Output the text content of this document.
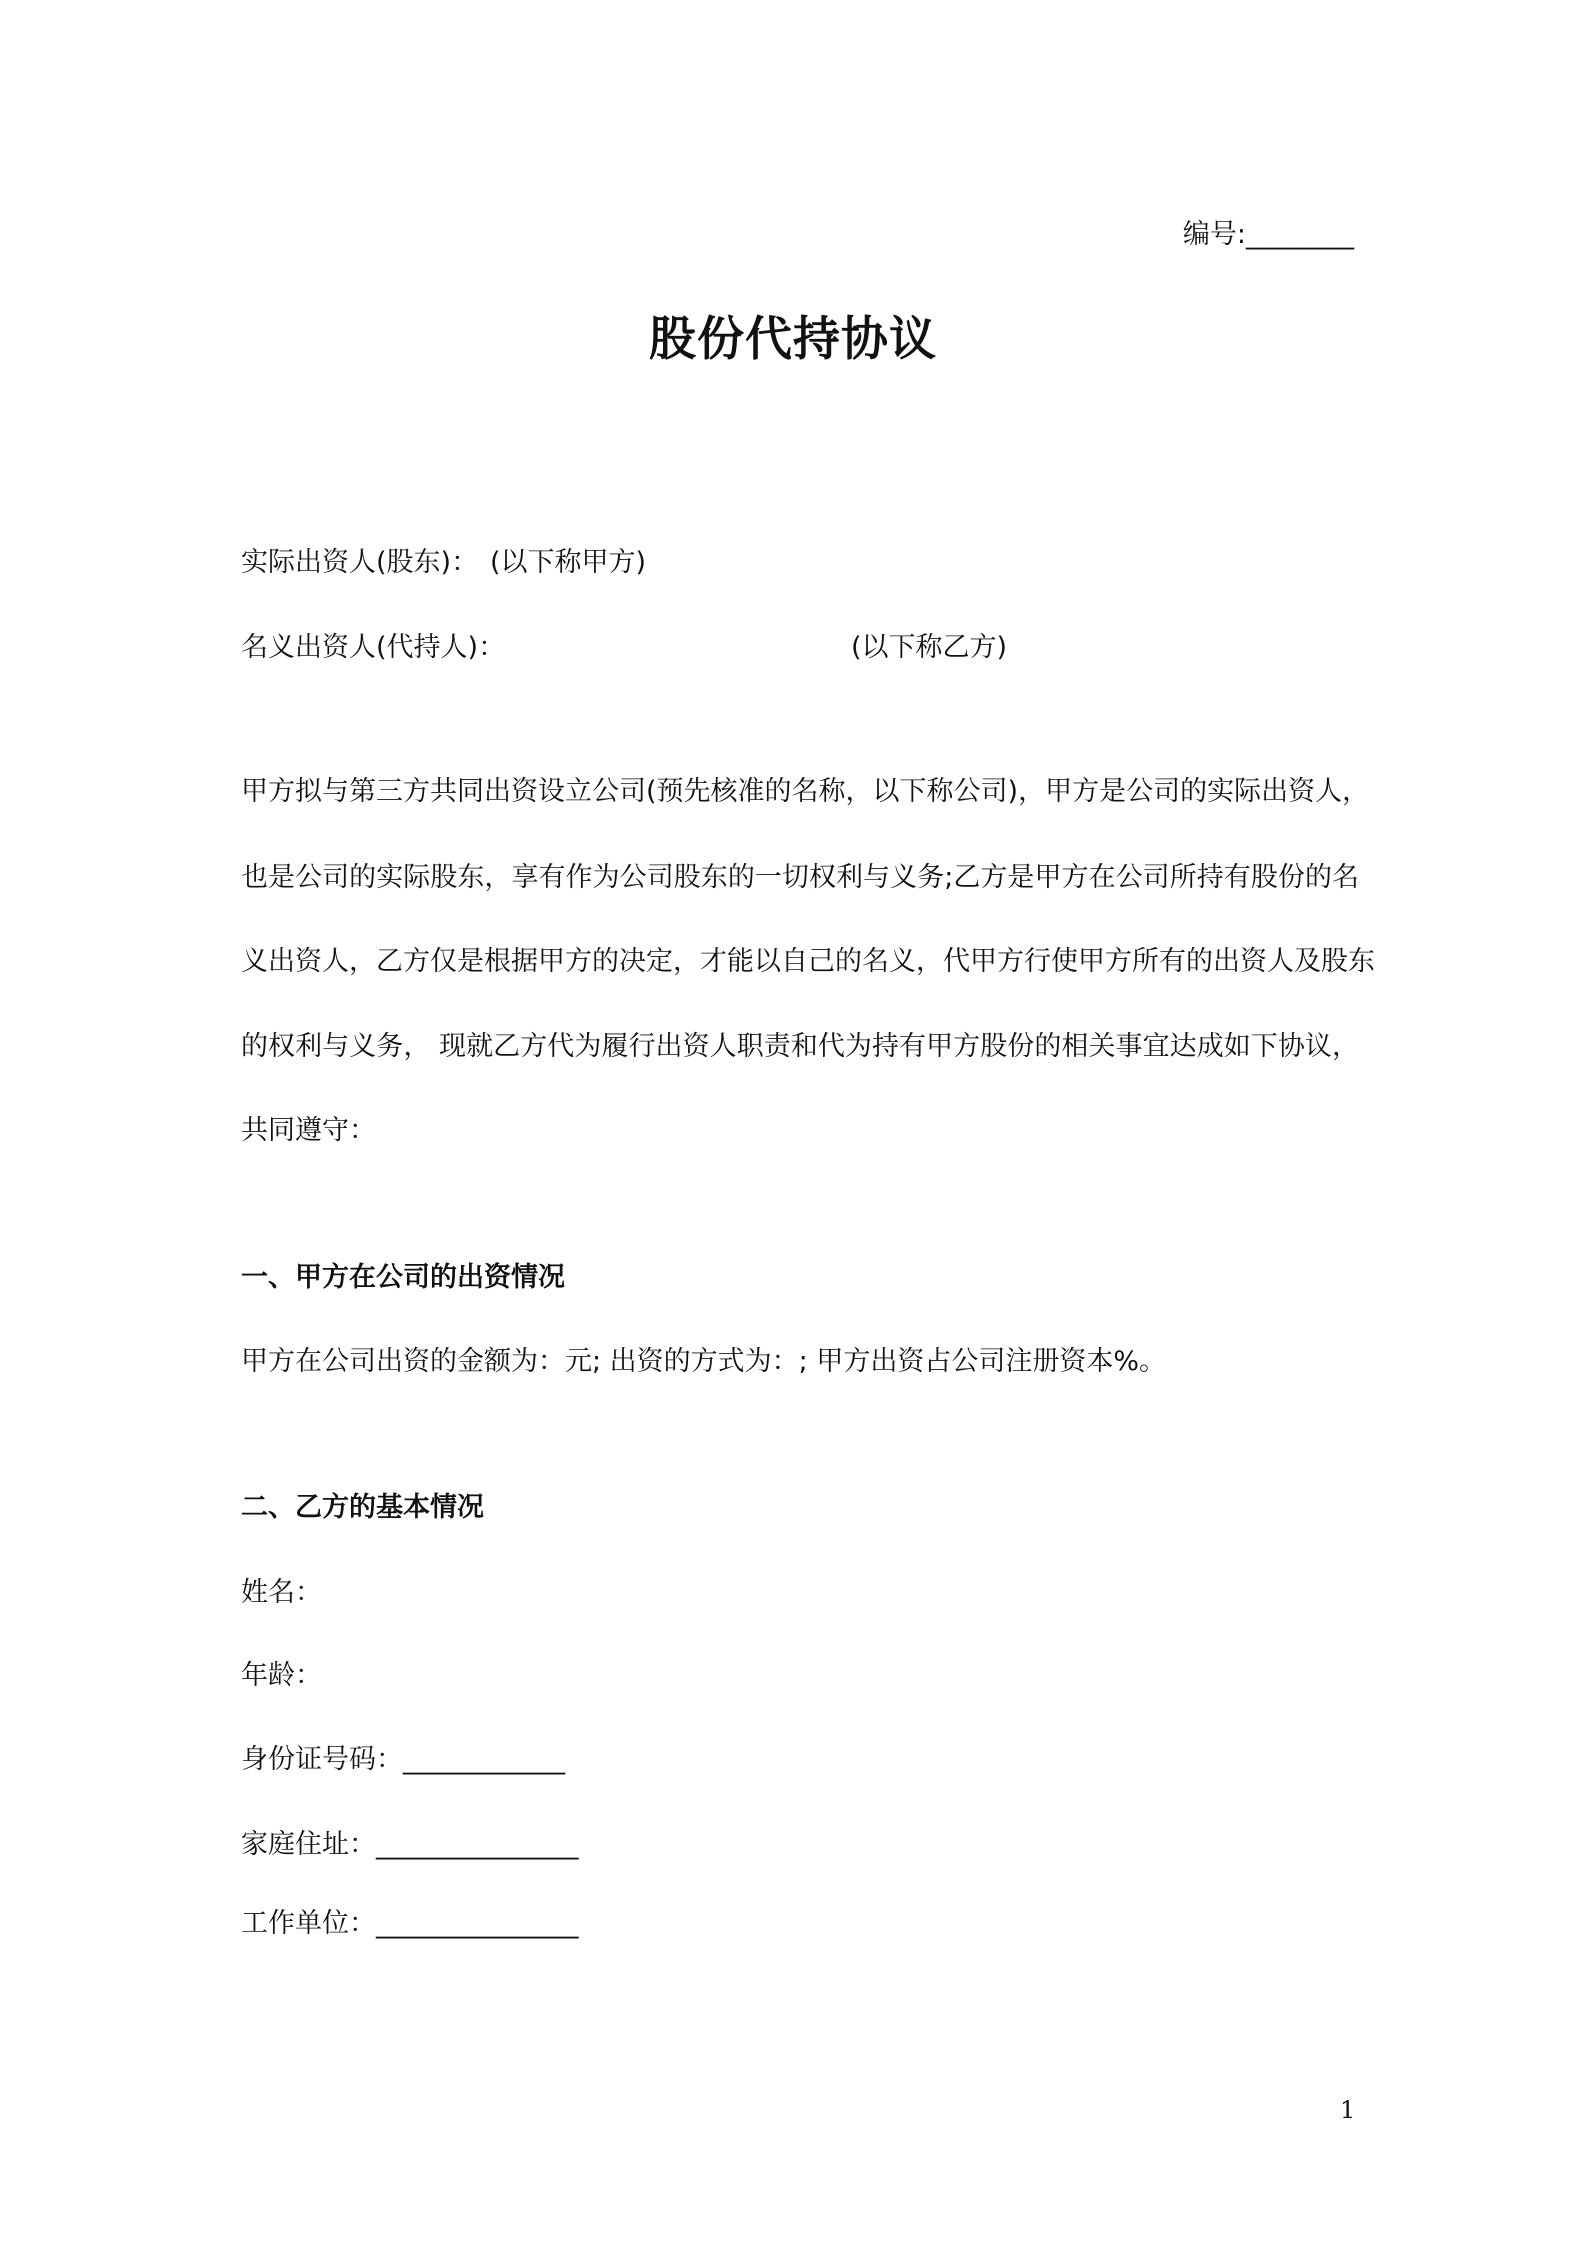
编号:________

股份代持协议

实际出资人(股东)： (以下称甲方)

名义出资人(代持人)：	(以下称乙方)

甲方拟与第三方共同出资设立公司(预先核准的名称，以下称公司)，甲方是公司的实际出资人，

也是公司的实际股东，享有作为公司股东的一切权利与义务;乙方是甲方在公司所持有股份的名

义出资人，乙方仅是根据甲方的决定，才能以自己的名义，代甲方行使甲方所有的出资人及股东

的权利与义务， 现就乙方代为履行出资人职责和代为持有甲方股份的相关事宜达成如下协议，

共同遵守：

一、甲方在公司的出资情况

甲方在公司出资的金额为：元; 出资的方式为：; 甲方出资占公司注册资本%。

二、乙方的基本情况

姓名：

年龄：

身份证号码：____________

家庭住址：_______________

工作单位：_______________

1
